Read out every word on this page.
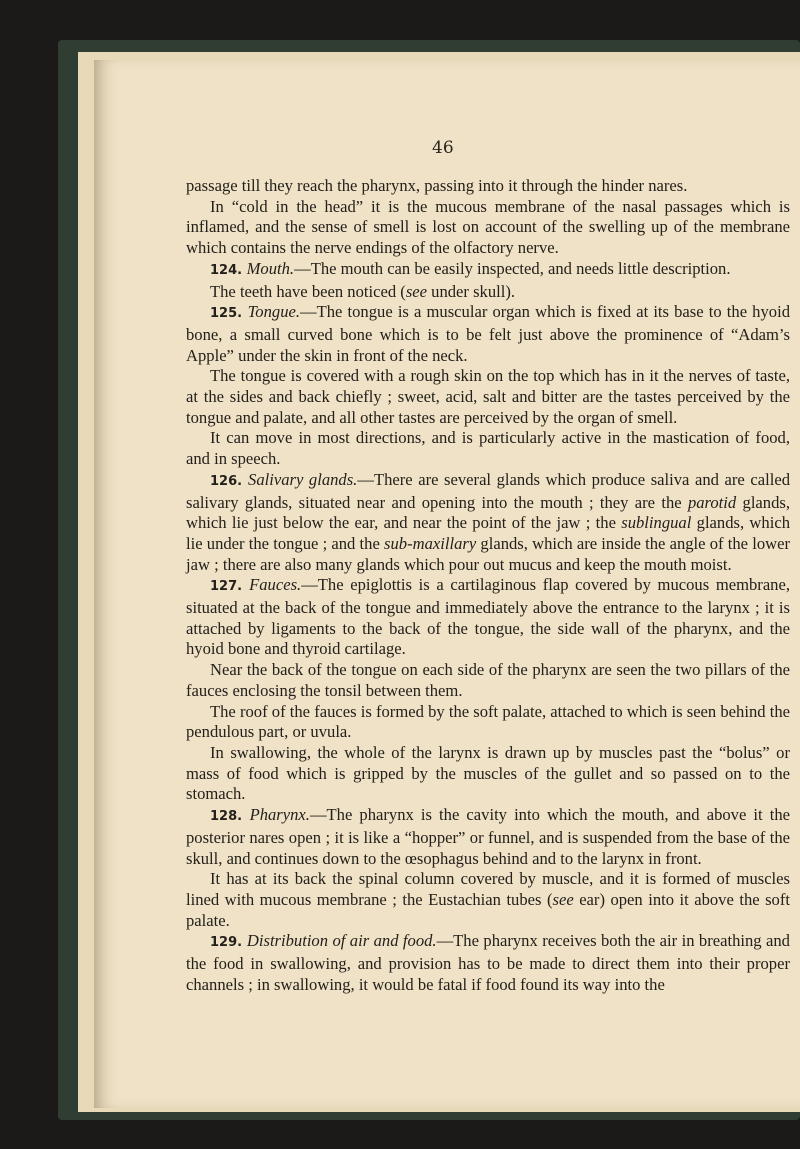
46

passage till they reach the pharynx, passing into it through the hinder nares.

In “cold in the head” it is the mucous membrane of the nasal passages which is inflamed, and the sense of smell is lost on account of the swelling up of the membrane which contains the nerve endings of the olfactory nerve.

124. Mouth.—The mouth can be easily inspected, and needs little description.

The teeth have been noticed (see under skull).

125. Tongue.—The tongue is a muscular organ which is fixed at its base to the hyoid bone, a small curved bone which is to be felt just above the prominence of “Adam’s Apple” under the skin in front of the neck.

The tongue is covered with a rough skin on the top which has in it the nerves of taste, at the sides and back chiefly ; sweet, acid, salt and bitter are the tastes perceived by the tongue and palate, and all other tastes are perceived by the organ of smell.

It can move in most directions, and is particularly active in the mastication of food, and in speech.

126. Salivary glands.—There are several glands which produce saliva and are called salivary glands, situated near and opening into the mouth ; they are the parotid glands, which lie just below the ear, and near the point of the jaw ; the sublingual glands, which lie under the tongue ; and the sub-maxillary glands, which are inside the angle of the lower jaw ; there are also many glands which pour out mucus and keep the mouth moist.

127. Fauces.—The epiglottis is a cartilaginous flap covered by mucous membrane, situated at the back of the tongue and immediately above the entrance to the larynx ; it is attached by ligaments to the back of the tongue, the side wall of the pharynx, and the hyoid bone and thyroid cartilage.

Near the back of the tongue on each side of the pharynx are seen the two pillars of the fauces enclosing the tonsil between them.

The roof of the fauces is formed by the soft palate, attached to which is seen behind the pendulous part, or uvula.

In swallowing, the whole of the larynx is drawn up by muscles past the “bolus” or mass of food which is gripped by the muscles of the gullet and so passed on to the stomach.

128. Pharynx.—The pharynx is the cavity into which the mouth, and above it the posterior nares open ; it is like a “hopper” or funnel, and is suspended from the base of the skull, and continues down to the œsophagus behind and to the larynx in front.

It has at its back the spinal column covered by muscle, and it is formed of muscles lined with mucous membrane ; the Eustachian tubes (see ear) open into it above the soft palate.

129. Distribution of air and food.—The pharynx receives both the air in breathing and the food in swallowing, and provision has to be made to direct them into their proper channels ; in swallowing, it would be fatal if food found its way into the
